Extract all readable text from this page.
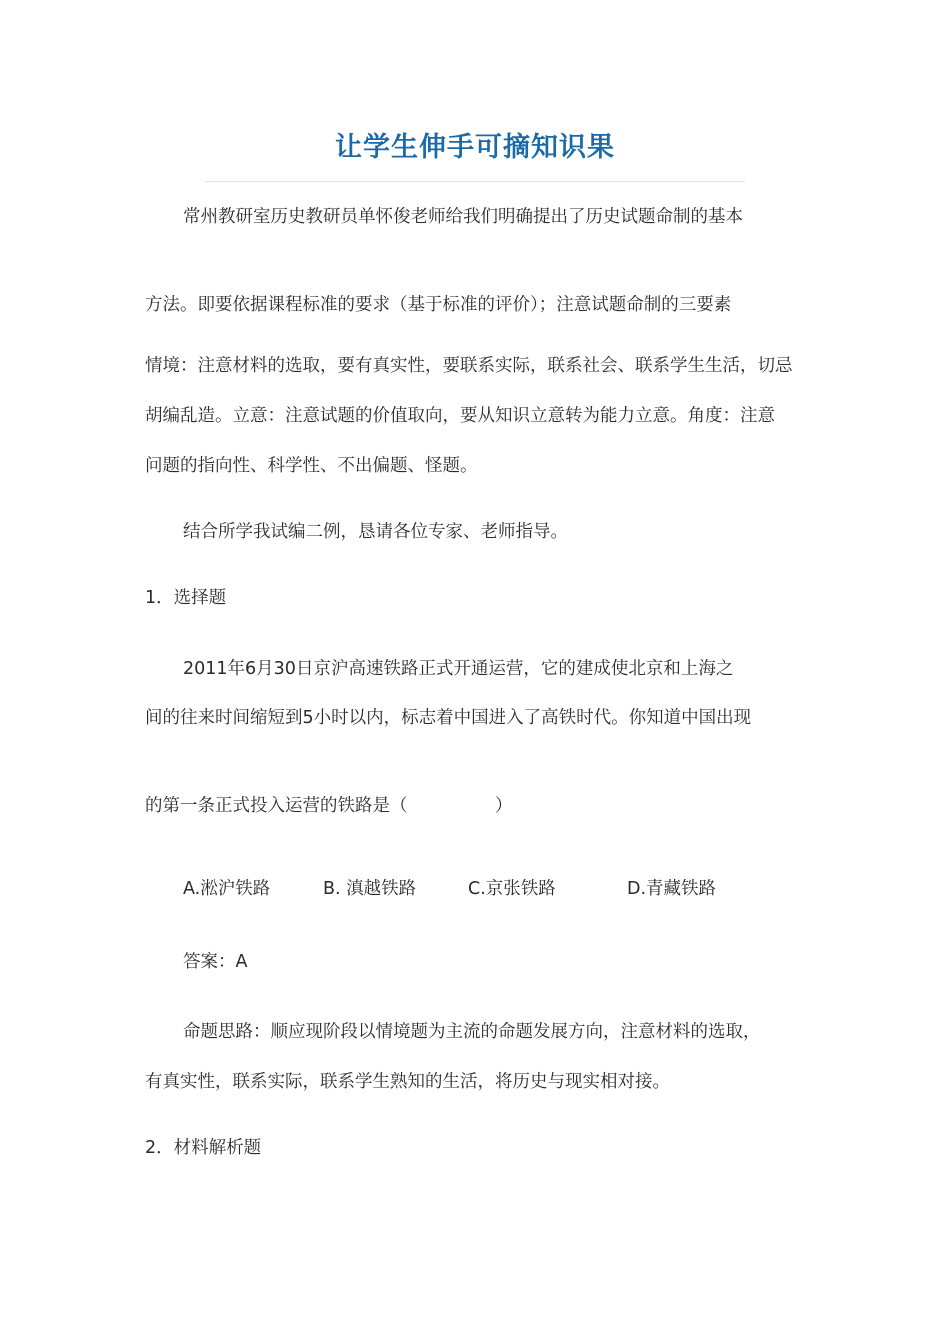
让学生伸手可摘知识果

常州教研室历史教研员单怀俊老师给我们明确提出了历史试题命制的基本

方法。即要依据课程标准的要求（基于标准的评价）；注意试题命制的三要素

情境：注意材料的选取，要有真实性，要联系实际，联系社会、联系学生生活，切忌

胡编乱造。立意：注意试题的价值取向，要从知识立意转为能力立意。角度：注意

问题的指向性、科学性、不出偏题、怪题。

结合所学我试编二例，恳请各位专家、老师指导。

1．选择题

2011年6月30日京沪高速铁路正式开通运营，它的建成使北京和上海之

间的往来时间缩短到5小时以内，标志着中国进入了高铁时代。你知道中国出现

的第一条正式投入运营的铁路是（　　　　　）

A.淞沪铁路	B. 滇越铁路	C.京张铁路	D.青藏铁路

答案：A

命题思路：顺应现阶段以情境题为主流的命题发展方向，注意材料的选取，

有真实性，联系实际，联系学生熟知的生活，将历史与现实相对接。

2．材料解析题
